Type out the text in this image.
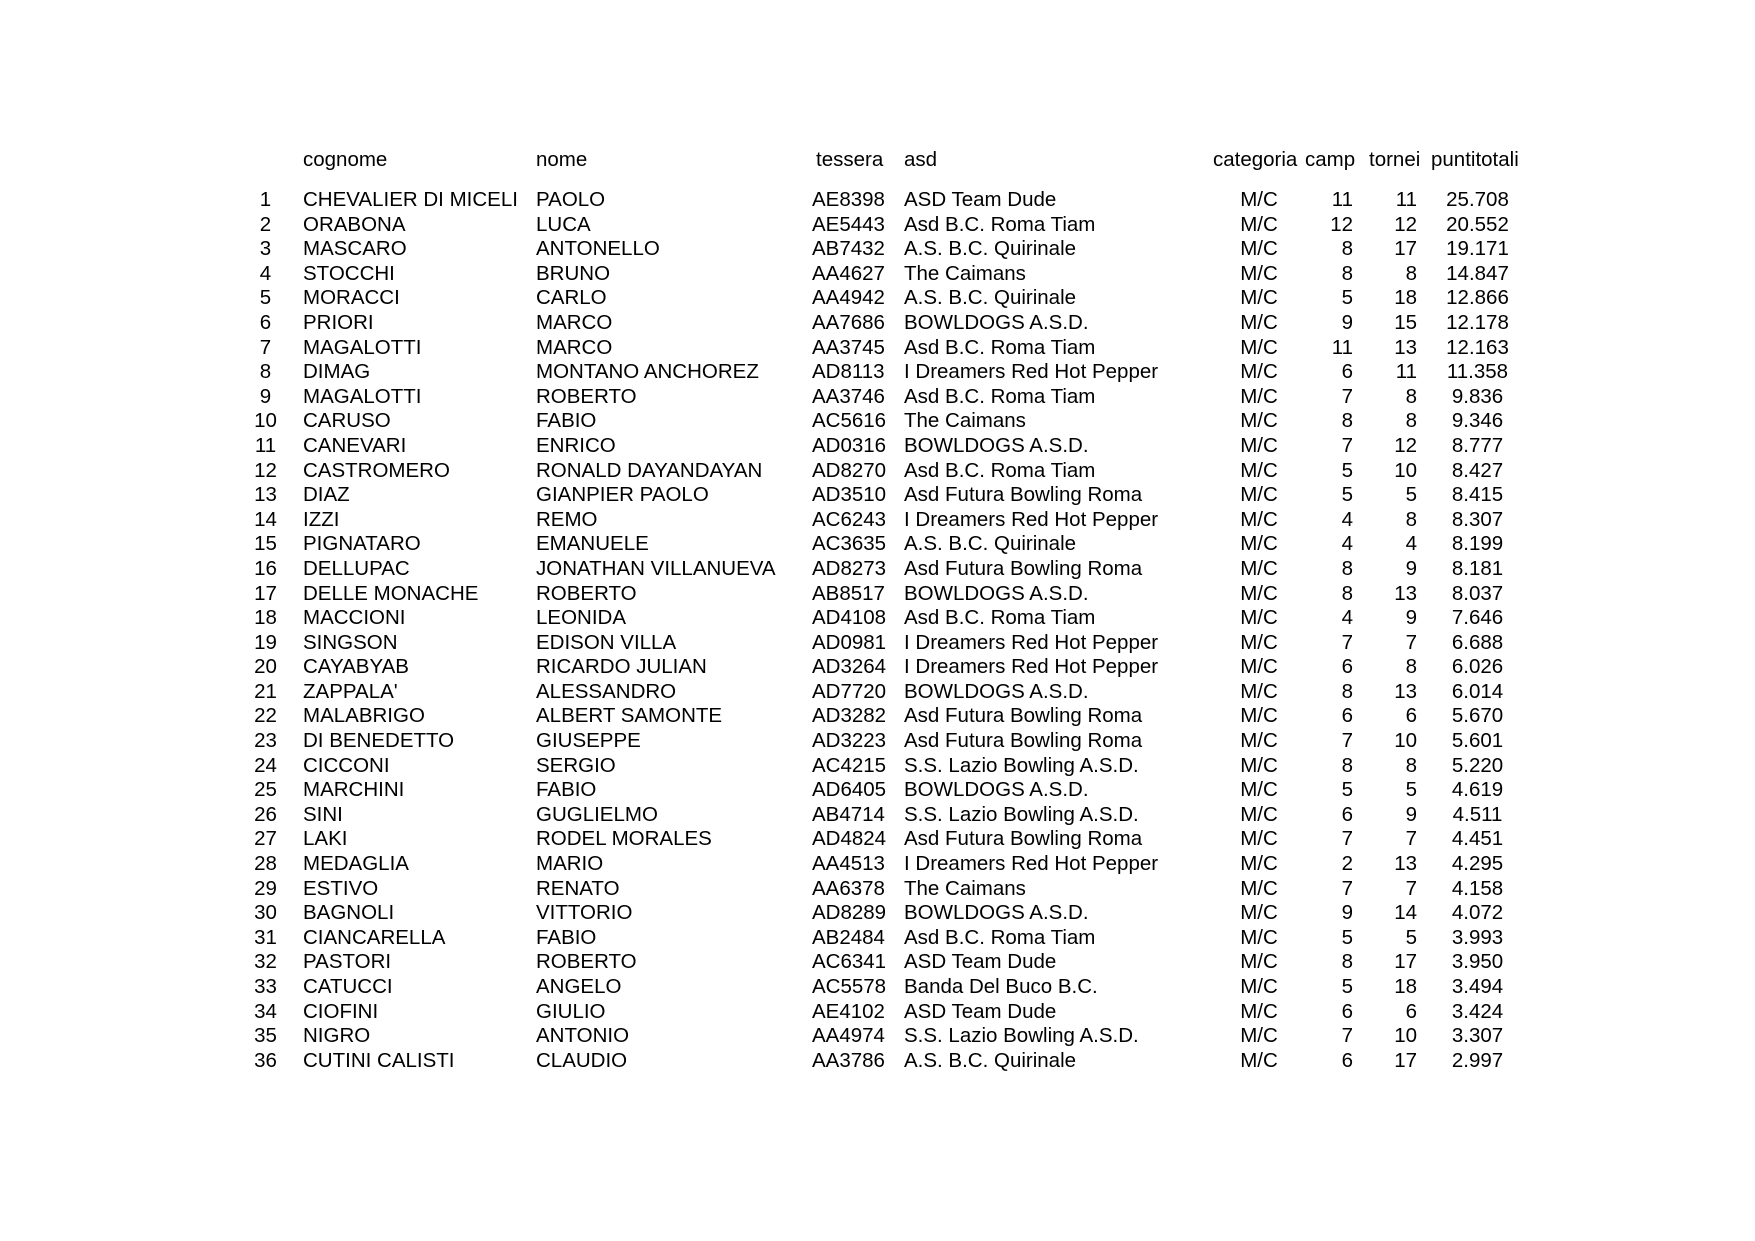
	cognome	nome	tessera	asd	categoria	camp	tornei	puntitotali

1	CHEVALIER DI MICELI	PAOLO	AE8398	ASD Team Dude	M/C	11	11	25.708
2	ORABONA	LUCA	AE5443	Asd B.C. Roma Tiam	M/C	12	12	20.552
3	MASCARO	ANTONELLO	AB7432	A.S. B.C. Quirinale	M/C	8	17	19.171
4	STOCCHI	BRUNO	AA4627	The Caimans	M/C	8	8	14.847
5	MORACCI	CARLO	AA4942	A.S. B.C. Quirinale	M/C	5	18	12.866
6	PRIORI	MARCO	AA7686	BOWLDOGS A.S.D.	M/C	9	15	12.178
7	MAGALOTTI	MARCO	AA3745	Asd B.C. Roma Tiam	M/C	11	13	12.163
8	DIMAG	MONTANO ANCHOREZ	AD8113	I Dreamers Red Hot Pepper	M/C	6	11	11.358
9	MAGALOTTI	ROBERTO	AA3746	Asd B.C. Roma Tiam	M/C	7	8	9.836
10	CARUSO	FABIO	AC5616	The Caimans	M/C	8	8	9.346
11	CANEVARI	ENRICO	AD0316	BOWLDOGS A.S.D.	M/C	7	12	8.777
12	CASTROMERO	RONALD DAYANDAYAN	AD8270	Asd B.C. Roma Tiam	M/C	5	10	8.427
13	DIAZ	GIANPIER PAOLO	AD3510	Asd Futura Bowling Roma	M/C	5	5	8.415
14	IZZI	REMO	AC6243	I Dreamers Red Hot Pepper	M/C	4	8	8.307
15	PIGNATARO	EMANUELE	AC3635	A.S. B.C. Quirinale	M/C	4	4	8.199
16	DELLUPAC	JONATHAN VILLANUEVA	AD8273	Asd Futura Bowling Roma	M/C	8	9	8.181
17	DELLE MONACHE	ROBERTO	AB8517	BOWLDOGS A.S.D.	M/C	8	13	8.037
18	MACCIONI	LEONIDA	AD4108	Asd B.C. Roma Tiam	M/C	4	9	7.646
19	SINGSON	EDISON VILLA	AD0981	I Dreamers Red Hot Pepper	M/C	7	7	6.688
20	CAYABYAB	RICARDO JULIAN	AD3264	I Dreamers Red Hot Pepper	M/C	6	8	6.026
21	ZAPPALA'	ALESSANDRO	AD7720	BOWLDOGS A.S.D.	M/C	8	13	6.014
22	MALABRIGO	ALBERT SAMONTE	AD3282	Asd Futura Bowling Roma	M/C	6	6	5.670
23	DI BENEDETTO	GIUSEPPE	AD3223	Asd Futura Bowling Roma	M/C	7	10	5.601
24	CICCONI	SERGIO	AC4215	S.S. Lazio Bowling A.S.D.	M/C	8	8	5.220
25	MARCHINI	FABIO	AD6405	BOWLDOGS A.S.D.	M/C	5	5	4.619
26	SINI	GUGLIELMO	AB4714	S.S. Lazio Bowling A.S.D.	M/C	6	9	4.511
27	LAKI	RODEL MORALES	AD4824	Asd Futura Bowling Roma	M/C	7	7	4.451
28	MEDAGLIA	MARIO	AA4513	I Dreamers Red Hot Pepper	M/C	2	13	4.295
29	ESTIVO	RENATO	AA6378	The Caimans	M/C	7	7	4.158
30	BAGNOLI	VITTORIO	AD8289	BOWLDOGS A.S.D.	M/C	9	14	4.072
31	CIANCARELLA	FABIO	AB2484	Asd B.C. Roma Tiam	M/C	5	5	3.993
32	PASTORI	ROBERTO	AC6341	ASD Team Dude	M/C	8	17	3.950
33	CATUCCI	ANGELO	AC5578	Banda Del Buco B.C.	M/C	5	18	3.494
34	CIOFINI	GIULIO	AE4102	ASD Team Dude	M/C	6	6	3.424
35	NIGRO	ANTONIO	AA4974	S.S. Lazio Bowling A.S.D.	M/C	7	10	3.307
36	CUTINI CALISTI	CLAUDIO	AA3786	A.S. B.C. Quirinale	M/C	6	17	2.997
